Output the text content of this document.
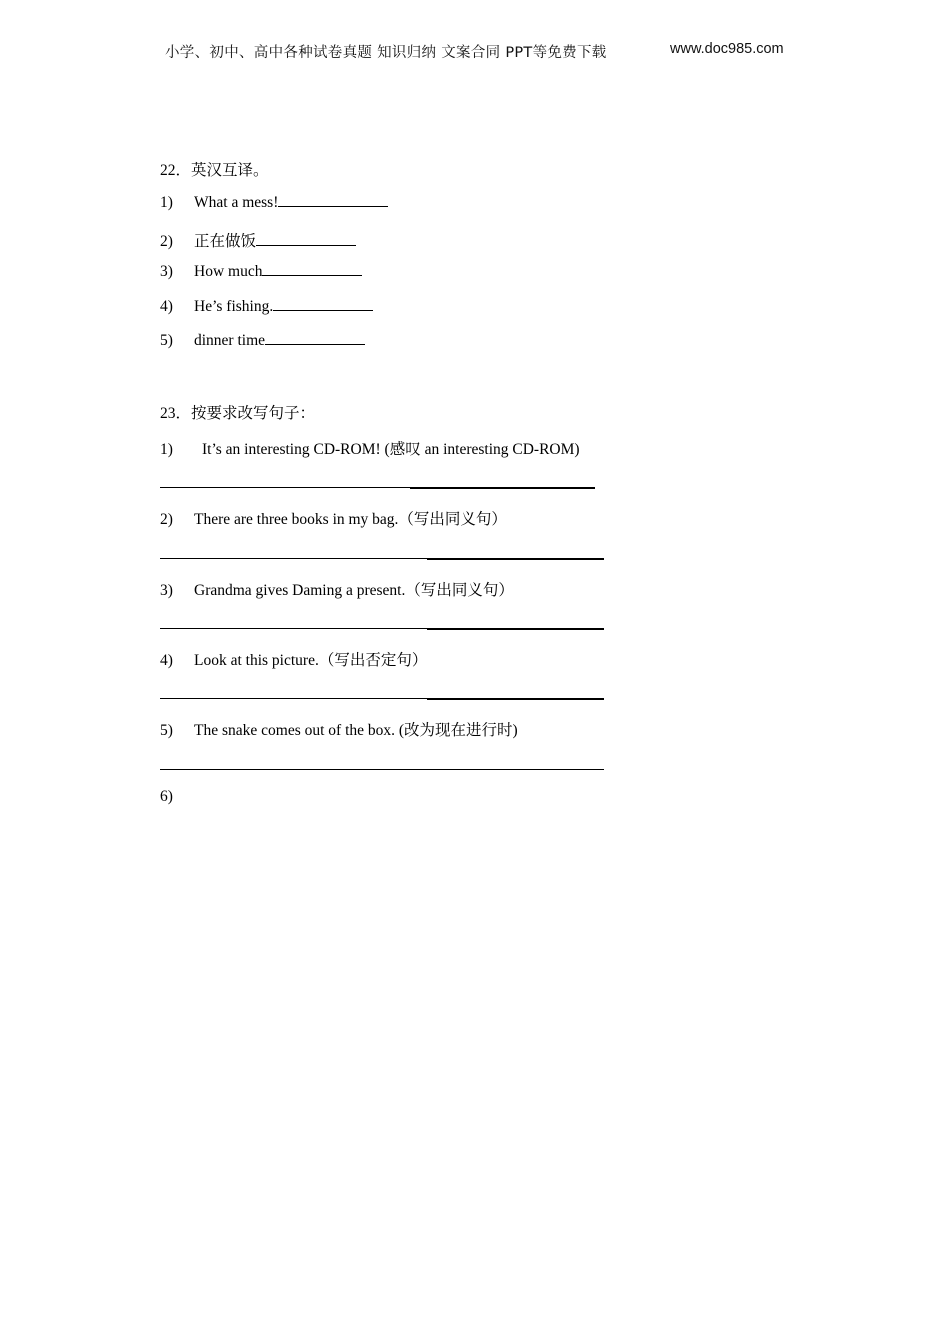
小学、初中、高中各种试卷真题 知识归纳 文案合同 PPT等免费下载	www.doc985.com
22．英汉互译。
1) What a mess!
2) 正在做饭
3) How much
4) He’s fishing.
5) dinner time
23．按要求改写句子：
1) It’s an interesting CD-ROM! (感叹 an interesting CD-ROM)
2) There are three books in my bag.（写出同义句）
3) Grandma gives Daming a present.（写出同义句）
4) Look at this picture.（写出否定句）
5) The snake comes out of the box. (改为现在进行时)
6)
